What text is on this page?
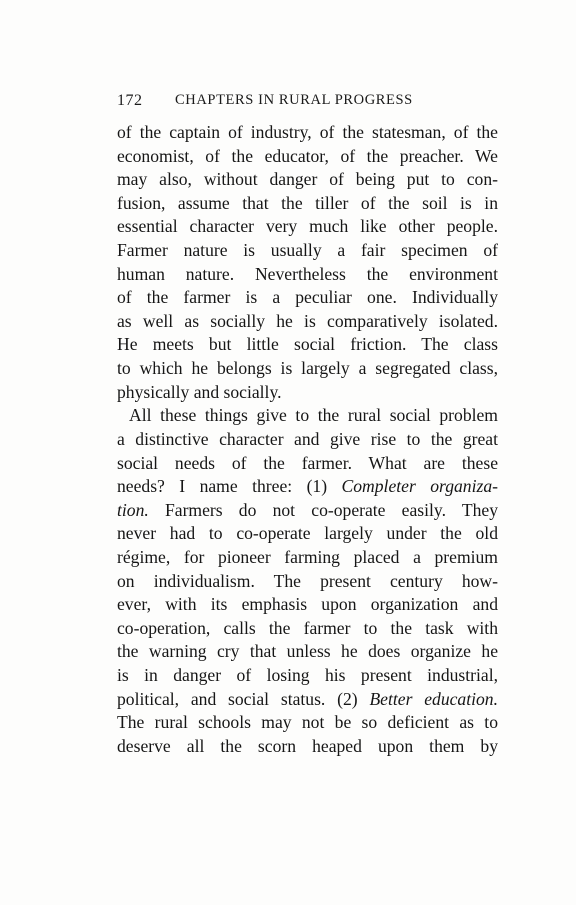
172 CHAPTERS IN RURAL PROGRESS
of the captain of industry, of the statesman, of the
economist, of the educator, of the preacher. We
may also, without danger of being put to con-
fusion, assume that the tiller of the soil is in
essential character very much like other people.
Farmer nature is usually a fair specimen of
human nature. Nevertheless the environment
of the farmer is a peculiar one. Individually
as well as socially he is comparatively isolated.
He meets but little social friction. The class
to which he belongs is largely a segregated class,
physically and socially.
All these things give to the rural social problem
a distinctive character and give rise to the great
social needs of the farmer. What are these
needs? I name three: (1) Completer organiza-
tion. Farmers do not co-operate easily. They
never had to co-operate largely under the old
régime, for pioneer farming placed a premium
on individualism. The present century how-
ever, with its emphasis upon organization and
co-operation, calls the farmer to the task with
the warning cry that unless he does organize he
is in danger of losing his present industrial,
political, and social status. (2) Better education.
The rural schools may not be so deficient as to
deserve all the scorn heaped upon them by
